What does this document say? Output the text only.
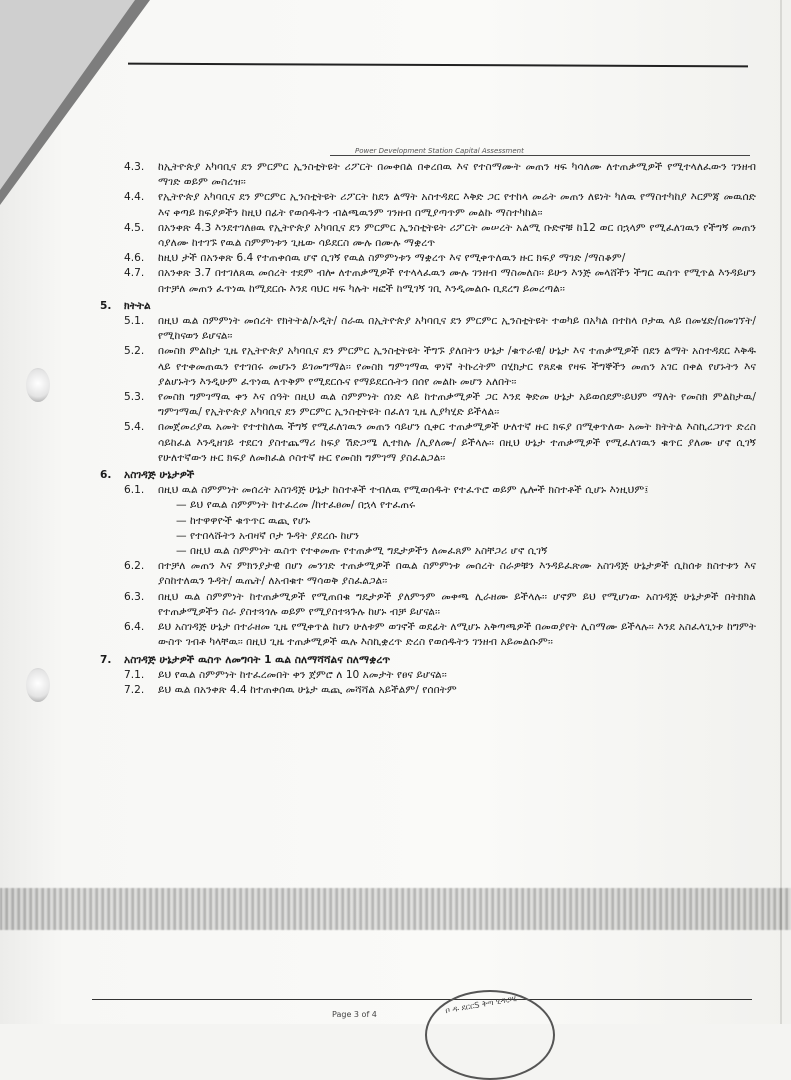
Power Development Station Capital Assessment
4.3.	ከኢትዮጵያ አካባቢና ደን ምርምር ኢንስቲትዩት ሪፖርት በመቀበል በቀረበዉ እና የተስማሙት መጠን ዛፍ ካሳለሙ ለተጠቃሚዎች የሚተላለፈውን ገንዘብ ማገድ ወይም መስረዝ፡፡
4.4.	የኢትዮጵያ አካባቢና ደን ምርምር ኢንስቲትዩት ሪፖርት ከደን ልማት አስተዳደር እቅድ ጋር የተከላ መሬት መጠን ለዩነት ካለዉ የማስተካከያ እርምጃ መዉሰድ እና ቀጣይ ክፍያዎችን ከዚህ በፊት የወሰዱትን ብልጫዉንም ገንዘብ በሚያጣጥም መልኩ ማስተካከል፡፡
4.5.	በአንቀጽ 4.3 እንደተገለፀዉ የኢትዮጵያ አካባቢና ደን ምርምር ኢንስቲትዩት ሪፖርት መሠረት አልሚ ቡድኖቹ ከ12 ወር በኋላም የሚፈለገዉን የችግኝ መጠን ሳያለሙ ከተገኙ የዉል ስምምነቱን ጊዜው ሳይደርስ ሙሉ በሙሉ ማቋረጥ
4.6.	ከዚህ ታች በአንቀጽ 6.4 የተጠቀሰዉ ሆኖ ሲገኝ የዉል ስምምነቱን ማቋረጥ እና የሚቀጥለዉን ዙር ክፍያ ማገድ /ማስቆም/
4.7.	በአንቀጽ 3.7 በተገለጸዉ መሰረት ተደም ብሎ ለተጠቃሚዎች የተላላፈዉን ሙሉ ገንዘብ ማስመለስ፡፡ ይሁን እንጅ መላሸችን ችግር ዉስጥ የሚጥል እንዳይሆን በተቻለ መጠን ፈጥነዉ ከሚደርሱ እንደ ባህር ዛፍ ካሉት ዛፎች ከሚገኝ ገቢ እንዲመልሱ ቢደረግ ይመረጣል፡፡
5.	ክትትል
5.1.	በዚህ ዉል ስምምነት መሰረት የክትትል/ኦዲት/ ስራዉ በኢትዮጵያ አካባቢና ደን ምርምር ኢንስቲትዩት ተወካይ በአካል በተከላ ቦታዉ ላይ በመሄድ/በመገኘት/ የሚከናወን ይሆናል፡፡
5.2.	በመስክ ምልከታ ጊዜ የኢትዮጵያ አካባቢና ደን ምርምር ኢንስቲትዩት ችግኙ ያለበትን ሁኔታ /ቁጥራዊ/ ሁኔታ እና ተጠቃሚዎች በደን ልማት አስተዳደር እቅዱ ላይ የተቀመጠዉን የተገበሩ መሆኑን ይገመግማል፡፡ የመስክ ግምገማዉ ዋነኛ ትኩረትም በሂክታር የጸደቁ የዛፍ ችግኞችን መጠን አገር በቀል የሆኑትን እና ያልሆኑትን እንዲሁም ፈጥነዉ ለጥቅም የሚደርሱና የማይደርሱትን በሰየ መልኩ መሆን አለበት፡፡
5.3.	የመስክ ግምገማዉ ቀን እና ሰዓት በዚህ ዉል ስምምነት ሰነድ ላይ ከተጠቃሚዎች ጋር እንደ ቅድመ ሁኔታ አይወሰደም፡ይህም ማለት የመስክ ምልከታዉ/ ግምገማዉ/ የኢትዮጵያ አካባቢና ደን ምርምር ኢንስቲትዩት በፈለገ ጊዜ ሊያካሂድ ይችላል፡፡
5.4.	በመጀመሪያዉ አመት የተተከለዉ ችግኝ የሚፈለገዉን መጠን ሳይሆን ሲቀር ተጠቃሚዎች ሁለተኛ ዙር ክፍያ በሚቀጥለው አመት ክትትል እስኪረጋገጥ ድረስ ሳይከፈል እንዲዘገይ ተደርጎ ያስተጨማሪ ከፍያ ሽድጋሜ ሊተክሉ /ሊያለሙ/ ይችላሉ፡፡ በዚህ ሁኔታ ተጠቃሚዎች የሚፈለገዉን ቁጥር ያለሙ ሆኖ ሲገኝ የሁለተኛውን ዙር ክፍያ ለመክፈል ሶስተኛ ዙር የመስክ ግምገማ ያስፈልጋል፡፡
6.	አስገዳጅ ሁኔታዎች
6.1.	በዚህ ዉል ስምምነት መሰረት አስገዳጅ ሁኔታ ከስተቶች ተብለዉ የሚወሰዱት የተፈጥሮ ወይም ሌሎች ክስተቶች ሲሆኑ እነዚህም፤
— ይህ የዉል ስምምነት ከተፈረመ /ከተፈፀመ/ በኋላ የተፈጠሩ
— ከተዋዋዮች ቁጥጥር ዉጪ የሆኑ
— የተበላሹትን አብዛኛ ቦታ ጉዳት ያደረሱ ከሆን
— በዚህ ዉል ስምምነት ዉስጥ የተቀመጡ የተጠቃሚ ግዴታዎችን ለመፈጸም አስቸጋሪ ሆኖ ሲገኝ
6.2.	በተቻለ መጠን እና ምክንያታዊ በሆነ መንገድ ተጠቃሚዎች በዉል ስምምነቱ መሰረት ስራዎቹን እንዳይፈጽሙ አስገዳጅ ሁኔታዎች ሲከሰቱ ክስተቱን እና ያስከተለዉን ጉዳት/ ዉጤት/ ለአብቁተ ማሳወቅ ያስፈልጋል፡፡
6.3.	በዚህ ዉል ስምምነት ከተጠቃሚዎች የሚጠበቁ ግዴታዎች ያለምንም መቀጫ ሊራዘሙ ይችላሉ፡፡ ሆኖም ይህ የሚሆነው አስገዳጅ ሁኔታዎች በትክክል የተጠቃሚዎችን ስራ ያስተጓጎሉ ወይም የሚያስተጓጉሉ ከሆኑ ብቻ ይሆናል፡፡
6.4.	ይህ አስገዳጅ ሁኔታ በተራዘመ ጊዜ የሚቀጥል ከሆነ ሁለቱም ወገኖች ወደፊት ለሚሆኑ አቅጣጫዎች በመወያየት ሊስማሙ ይችላሉ፡፡ እንደ አስፈላጊነቱ ከግምት ውስጥ ገብቶ ካላቸዉ፡፡ በዚህ ጊዜ ተጠቃሚዎች ዉሉ እስኪቋረጥ ድረስ የወሰዱትን ገንዘብ አይመልሱም፡፡
7.	አስገዳጅ ሁኔታዎች ዉስጥ ለመግባት 1 ዉል ስለማሻሻልና ስለማቋረጥ
7.1.	ይህ የዉል ስምምነት ከተፈረመበት ቀን ጀምሮ ለ 10 አመታት የፀና ይሆናል፡፡
7.2.	ይህ ዉል በአንቀጽ 4.4 ከተጠቀሰዉ ሁኔታ ዉጪ መሻሻል አይችልም/ የሰበትም
ቦ ዱ ደርርS ቅጣ ሂዱጋሂ
Page 3 of 4
